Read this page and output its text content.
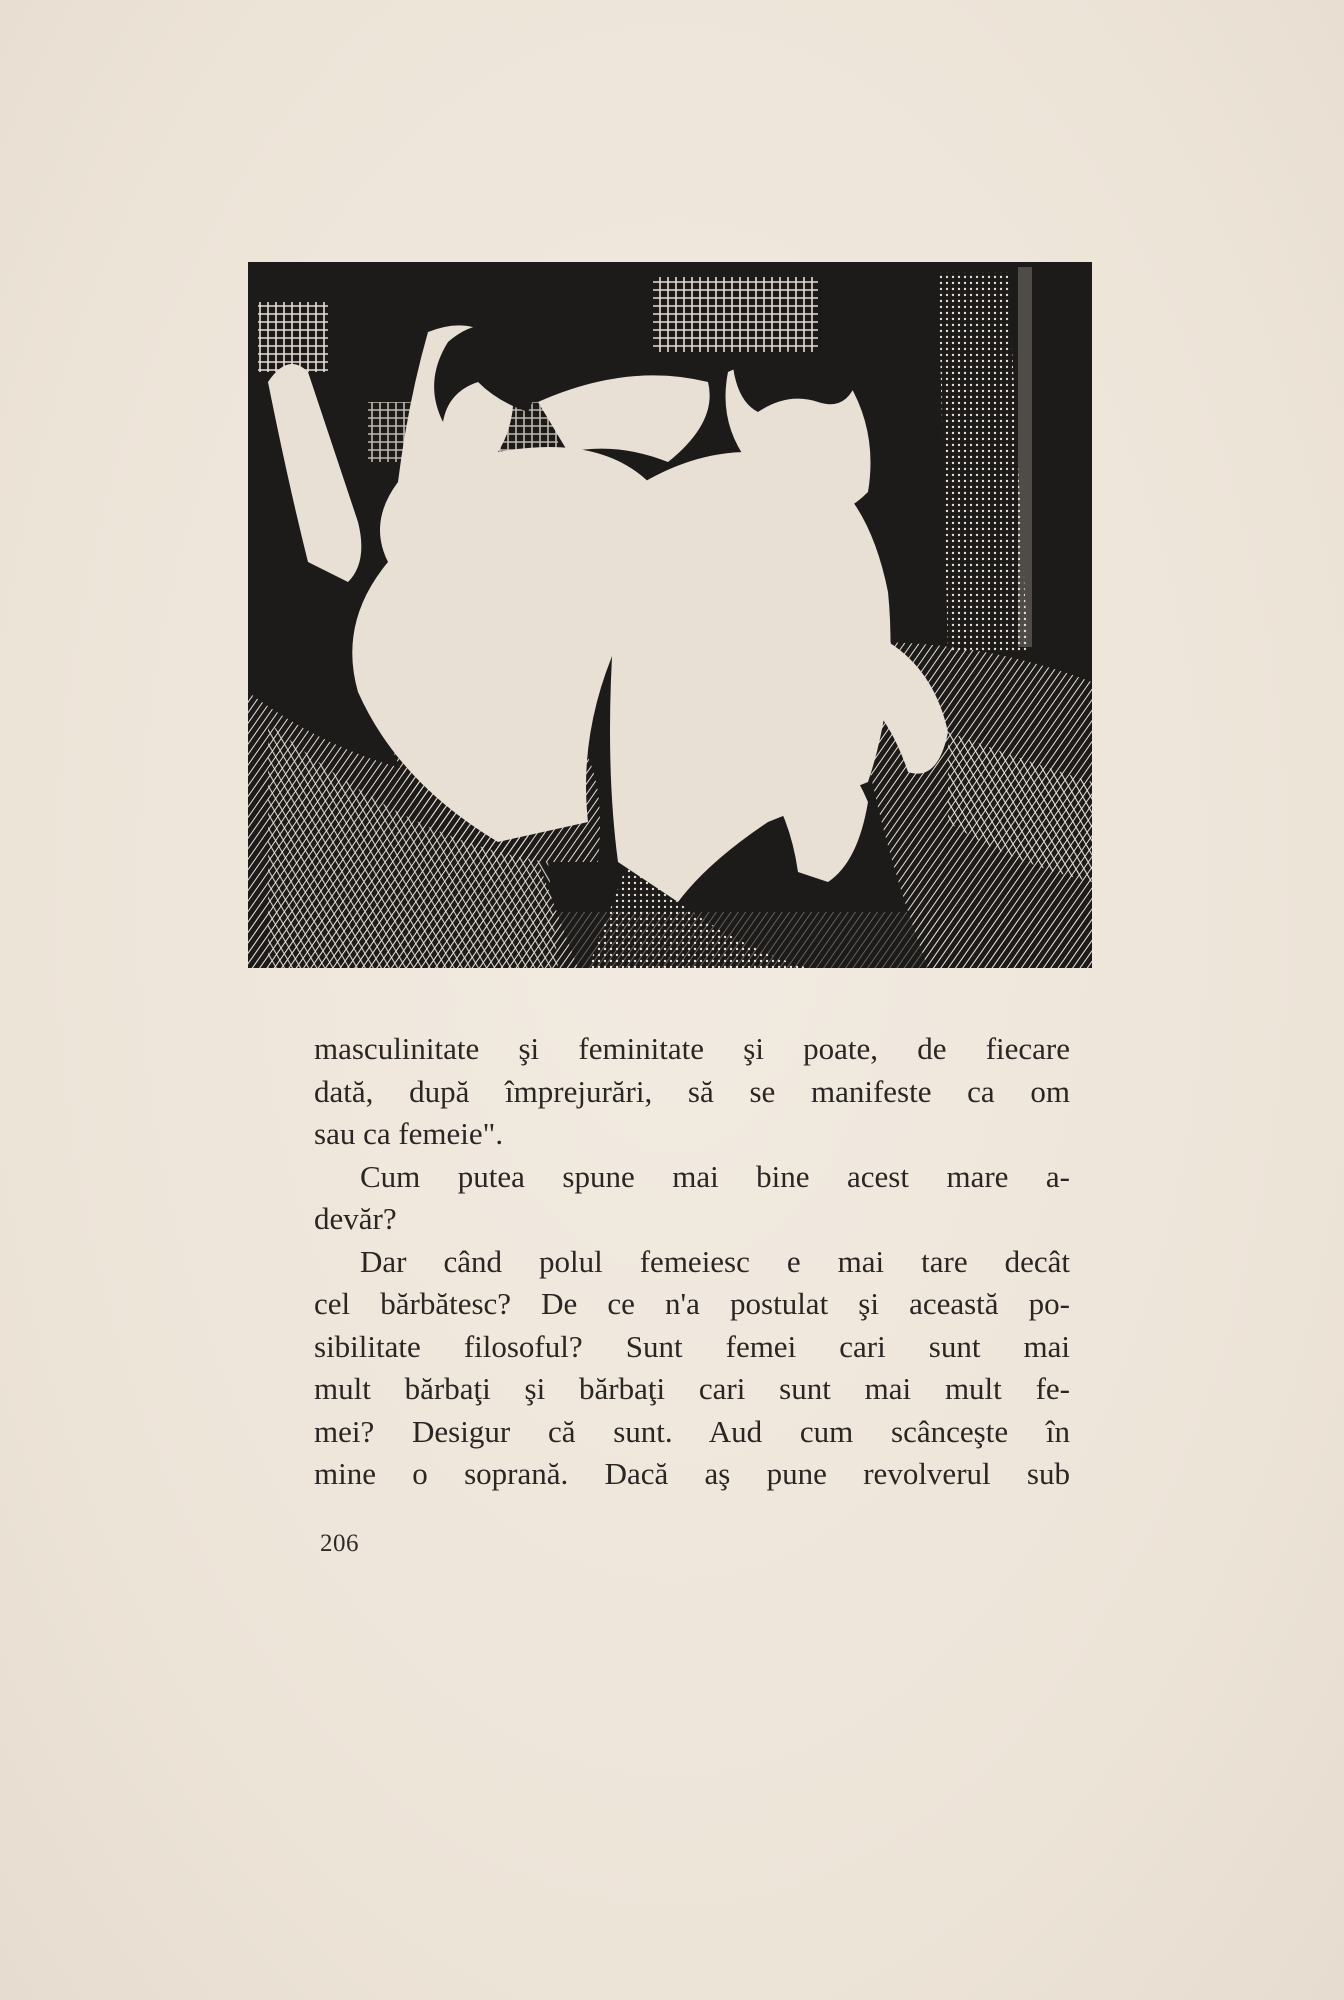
masculinitate şi feminitate şi poate, de fiecare
dată, după împrejurări, să se manifeste ca om
sau ca femeie".
Cum putea spune mai bine acest mare a-
devăr?
Dar când polul femeiesc e mai tare decât
cel bărbătesc? De ce n'a postulat şi această po-
sibilitate filosoful? Sunt femei cari sunt mai
mult bărbaţi şi bărbaţi cari sunt mai mult fe-
mei? Desigur că sunt. Aud cum scânceşte în
mine o soprană. Dacă aş pune revolverul sub
206
